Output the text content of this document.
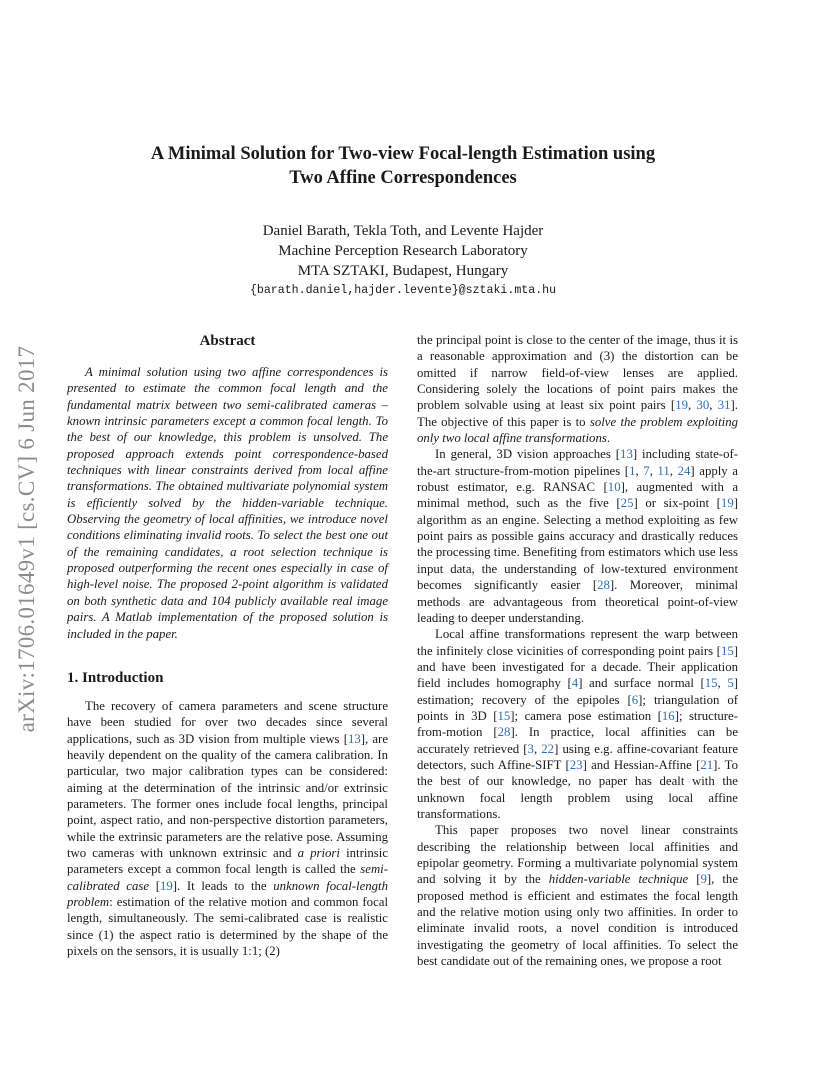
arXiv:1706.01649v1 [cs.CV] 6 Jun 2017
A Minimal Solution for Two-view Focal-length Estimation using
Two Affine Correspondences
Daniel Barath, Tekla Toth, and Levente Hajder
Machine Perception Research Laboratory
MTA SZTAKI, Budapest, Hungary
{barath.daniel,hajder.levente}@sztaki.mta.hu
Abstract

A minimal solution using two affine correspondences is presented to estimate the common focal length and the fundamental matrix between two semi-calibrated cameras – known intrinsic parameters except a common focal length. To the best of our knowledge, this problem is unsolved. The proposed approach extends point correspondence-based techniques with linear constraints derived from local affine transformations. The obtained multivariate polynomial system is efficiently solved by the hidden-variable technique. Observing the geometry of local affinities, we introduce novel conditions eliminating invalid roots. To select the best one out of the remaining candidates, a root selection technique is proposed outperforming the recent ones especially in case of high-level noise. The proposed 2-point algorithm is validated on both synthetic data and 104 publicly available real image pairs. A Matlab implementation of the proposed solution is included in the paper.

1. Introduction

The recovery of camera parameters and scene structure have been studied for over two decades since several applications, such as 3D vision from multiple views [13], are heavily dependent on the quality of the camera calibration. In particular, two major calibration types can be considered: aiming at the determination of the intrinsic and/or extrinsic parameters. The former ones include focal lengths, principal point, aspect ratio, and non-perspective distortion parameters, while the extrinsic parameters are the relative pose. Assuming two cameras with unknown extrinsic and a priori intrinsic parameters except a common focal length is called the semi-calibrated case [19]. It leads to the unknown focal-length problem: estimation of the relative motion and common focal length, simultaneously. The semi-calibrated case is realistic since (1) the aspect ratio is determined by the shape of the pixels on the sensors, it is usually 1:1; (2)

the principal point is close to the center of the image, thus it is a reasonable approximation and (3) the distortion can be omitted if narrow field-of-view lenses are applied. Considering solely the locations of point pairs makes the problem solvable using at least six point pairs [19, 30, 31]. The objective of this paper is to solve the problem exploiting only two local affine transformations.

In general, 3D vision approaches [13] including state-of-the-art structure-from-motion pipelines [1, 7, 11, 24] apply a robust estimator, e.g. RANSAC [10], augmented with a minimal method, such as the five [25] or six-point [19] algorithm as an engine. Selecting a method exploiting as few point pairs as possible gains accuracy and drastically reduces the processing time. Benefiting from estimators which use less input data, the understanding of low-textured environment becomes significantly easier [28]. Moreover, minimal methods are advantageous from theoretical point-of-view leading to deeper understanding.

Local affine transformations represent the warp between the infinitely close vicinities of corresponding point pairs [15] and have been investigated for a decade. Their application field includes homography [4] and surface normal [15, 5] estimation; recovery of the epipoles [6]; triangulation of points in 3D [15]; camera pose estimation [16]; structure-from-motion [28]. In practice, local affinities can be accurately retrieved [3, 22] using e.g. affine-covariant feature detectors, such Affine-SIFT [23] and Hessian-Affine [21]. To the best of our knowledge, no paper has dealt with the unknown focal length problem using local affine transformations.

This paper proposes two novel linear constraints describing the relationship between local affinities and epipolar geometry. Forming a multivariate polynomial system and solving it by the hidden-variable technique [9], the proposed method is efficient and estimates the focal length and the relative motion using only two affinities. In order to eliminate invalid roots, a novel condition is introduced investigating the geometry of local affinities. To select the best candidate out of the remaining ones, we propose a root
